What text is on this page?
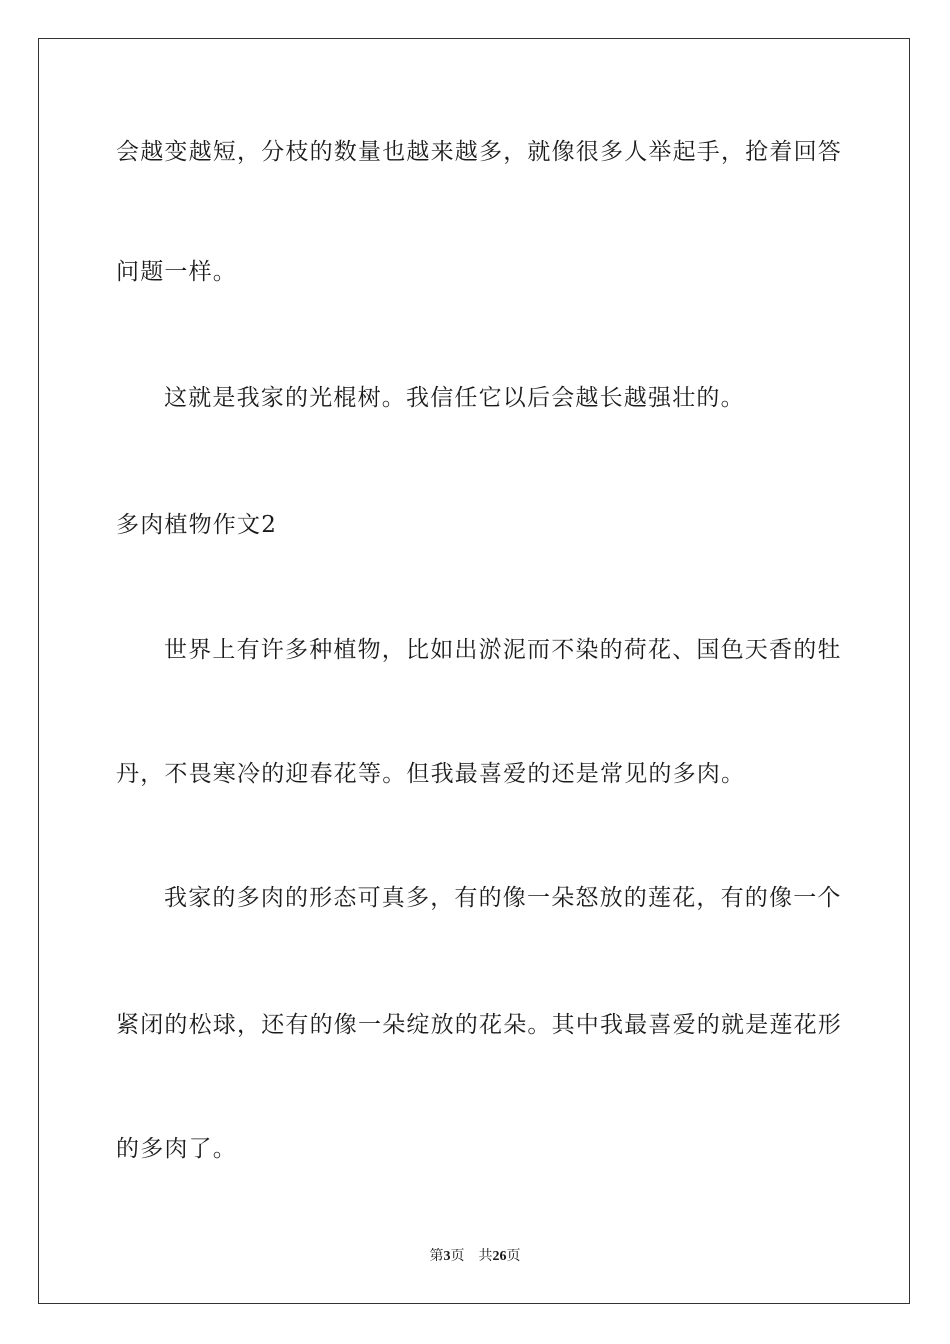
会越变越短，分枝的数量也越来越多，就像很多人举起手，抢着回答
问题一样。
这就是我家的光棍树。我信任它以后会越长越强壮的。
多肉植物作文2
世界上有许多种植物，比如出淤泥而不染的荷花、国色天香的牡
丹，不畏寒冷的迎春花等。但我最喜爱的还是常见的多肉。
我家的多肉的形态可真多，有的像一朵怒放的莲花，有的像一个
紧闭的松球，还有的像一朵绽放的花朵。其中我最喜爱的就是莲花形
的多肉了。
第3页 共26页
